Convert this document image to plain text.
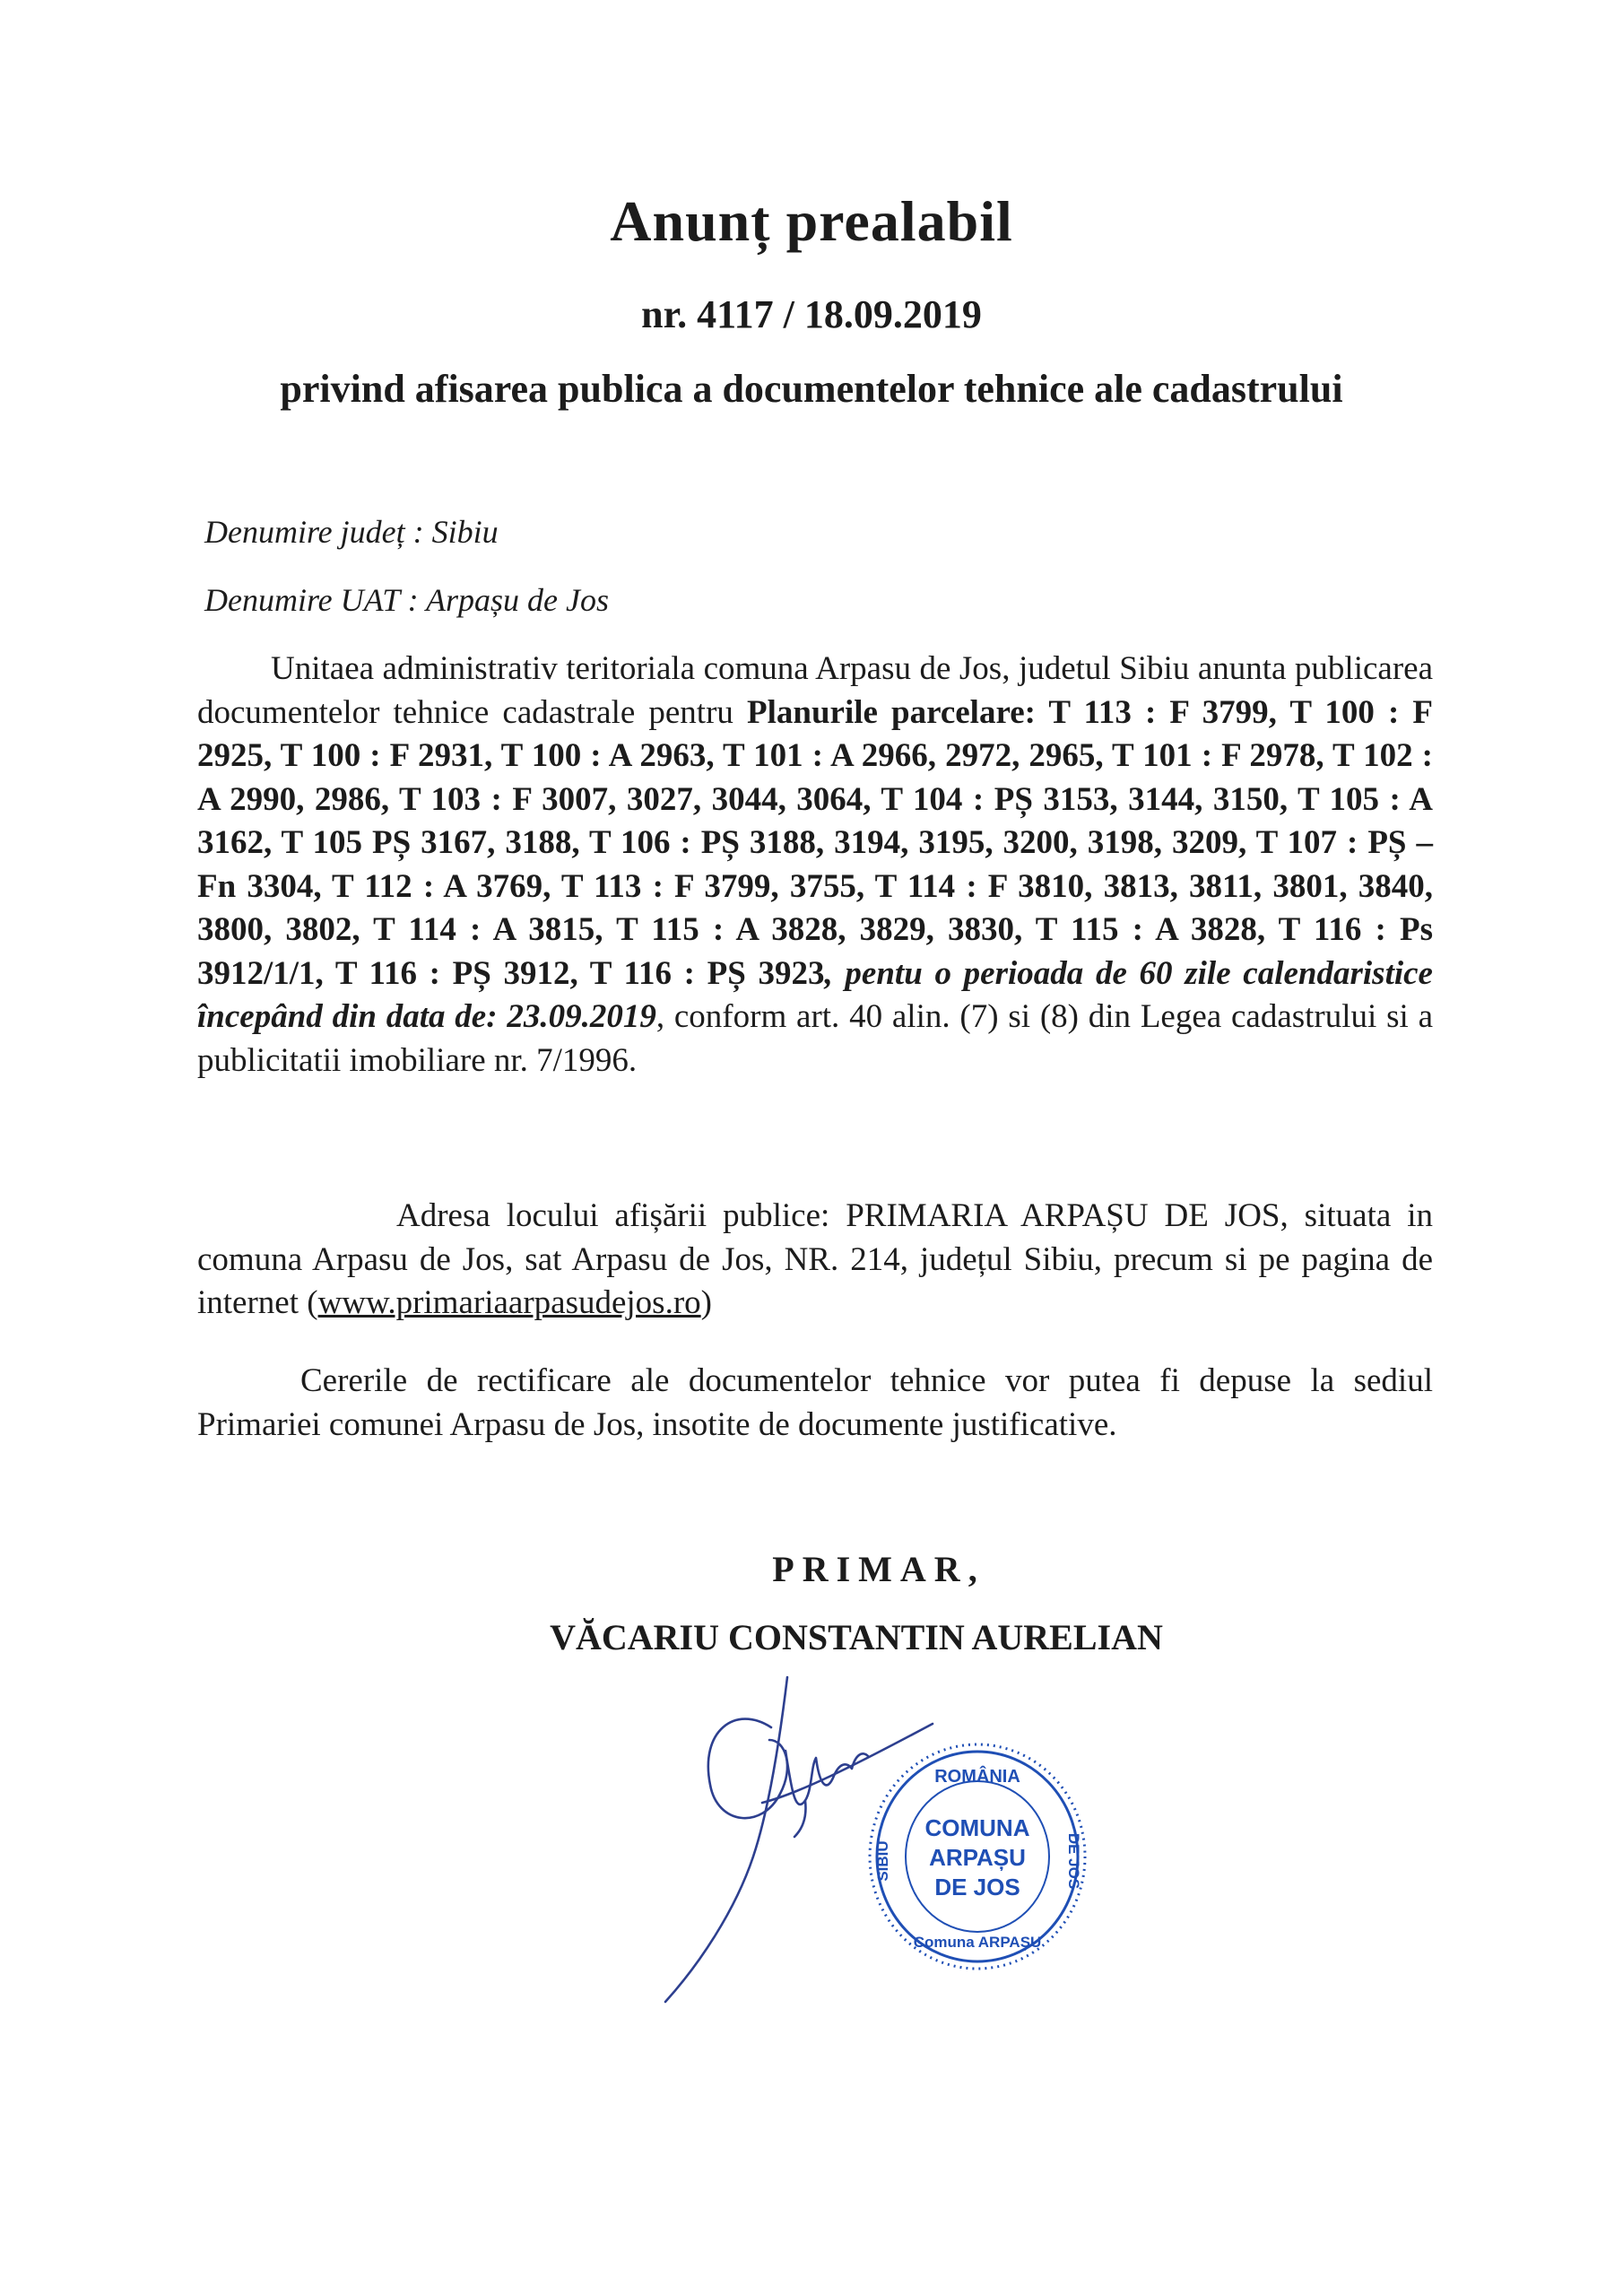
Anunț prealabil
nr. 4117 / 18.09.2019
privind afisarea publica a documentelor tehnice ale cadastrului
Denumire județ : Sibiu
Denumire UAT : Arpașu de Jos

Unitaea administrativ teritoriala comuna Arpasu de Jos, judetul Sibiu anunta publicarea documentelor tehnice cadastrale pentru Planurile parcelare: T 113 : F 3799, T 100 : F 2925, T 100 : F 2931, T 100 : A 2963, T 101 : A 2966, 2972, 2965, T 101 : F 2978, T 102 : A 2990, 2986, T 103 : F 3007, 3027, 3044, 3064, T 104 : PȘ 3153, 3144, 3150, T 105 : A 3162, T 105 PȘ 3167, 3188, T 106 : PȘ 3188, 3194, 3195, 3200, 3198, 3209, T 107 : PȘ – Fn 3304, T 112 : A 3769, T 113 : F 3799, 3755, T 114 : F 3810, 3813, 3811, 3801, 3840, 3800, 3802, T 114 : A 3815, T 115 : A 3828, 3829, 3830, T 115 : A 3828, T 116 : Ps 3912/1/1, T 116 : PȘ 3912, T 116 : PȘ 3923, pentu o perioada de 60 zile calendaristice începând din data de: 23.09.2019, conform art. 40 alin. (7) si (8) din Legea cadastrului si a publicitatii imobiliare nr. 7/1996.

Adresa locului afișării publice: PRIMARIA ARPAȘU DE JOS, situata in comuna Arpasu de Jos, sat Arpasu de Jos, NR. 214, județul Sibiu, precum si pe pagina de internet (www.primariaarpasudejos.ro)

Cererile de rectificare ale documentelor tehnice vor putea fi depuse la sediul Primariei comunei Arpasu de Jos, insotite de documente justificative.

PRIMAR,
VĂCARIU CONSTANTIN AURELIAN
ROMÂNIA
SIBIU
Comuna ARPAȘU
DE JOS
COMUNA
ARPAȘU
DE JOS
